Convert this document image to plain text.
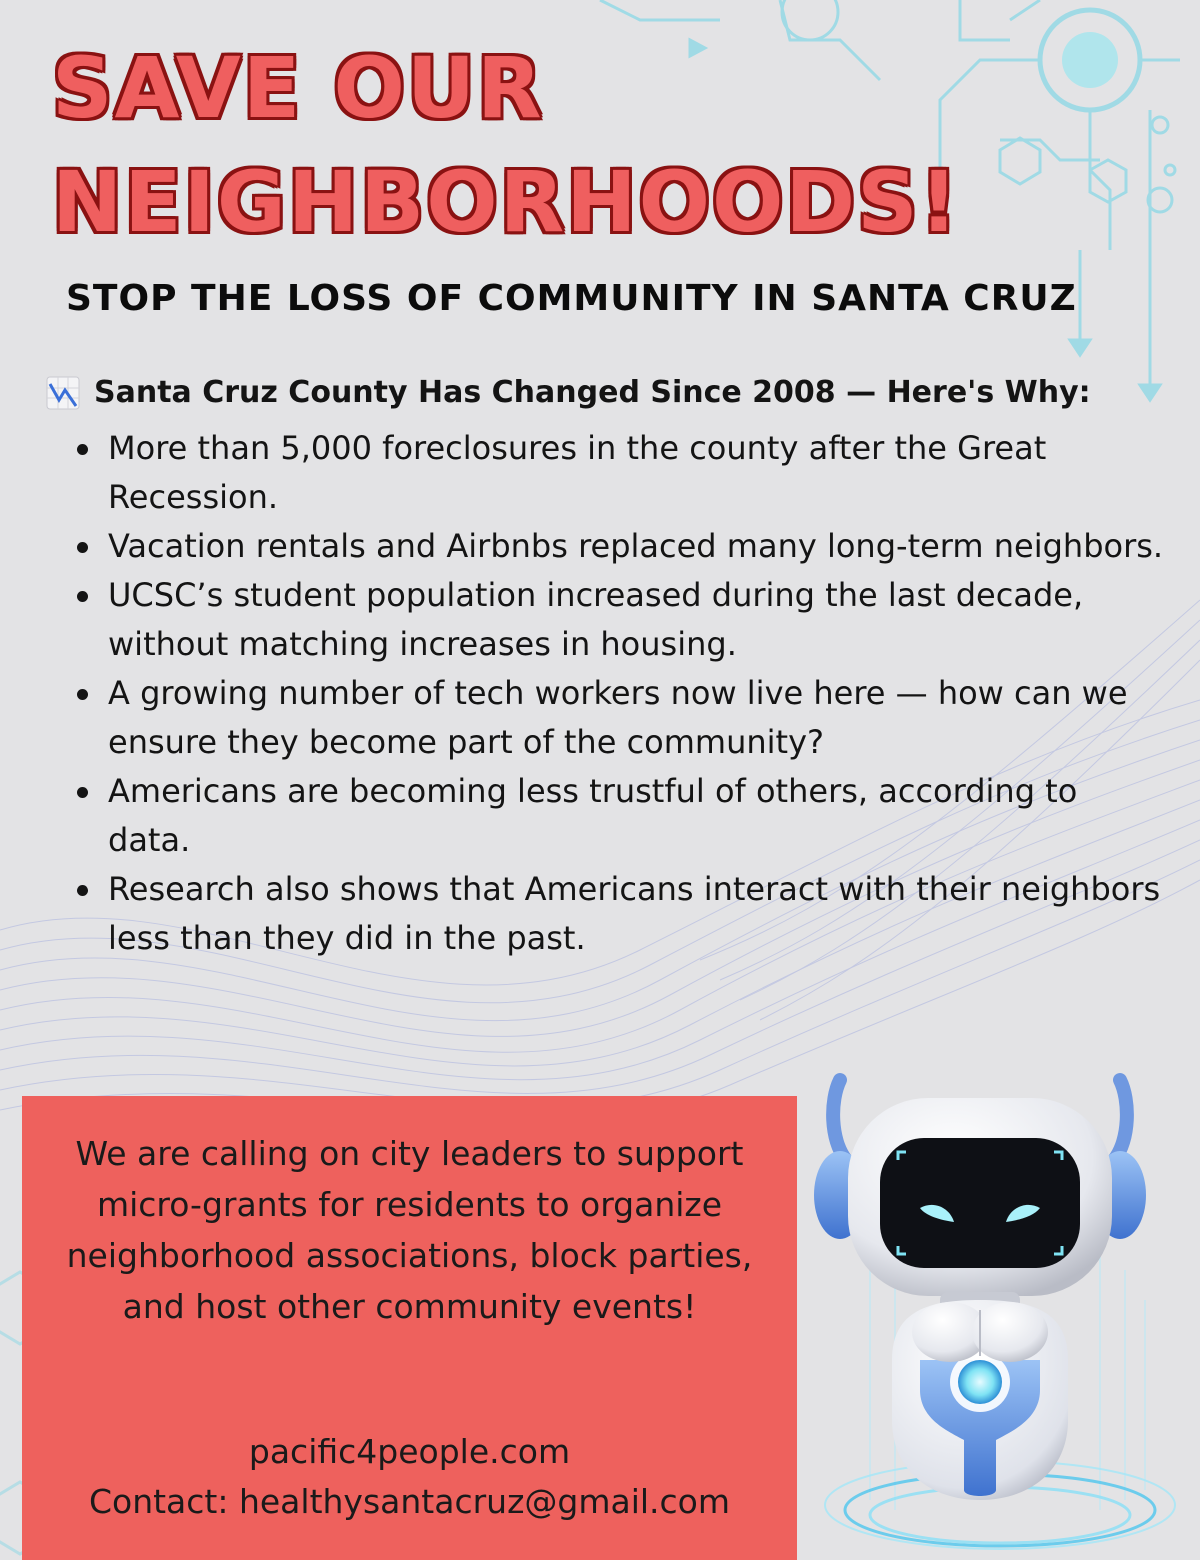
SAVE OUR
NEIGHBORHOODS!
STOP THE LOSS OF COMMUNITY IN SANTA CRUZ
Santa Cruz County Has Changed Since 2008 — Here's Why:
More than 5,000 foreclosures in the county after the Great Recession.
Vacation rentals and Airbnbs replaced many long-term neighbors.
UCSC’s student population increased during the last decade, without matching increases in housing.
A growing number of tech workers now live here — how can we ensure they become part of the community?
Americans are becoming less trustful of others, according to data.
Research also shows that Americans interact with their neighbors less than they did in the past.
We are calling on city leaders to support micro-grants for residents to organize neighborhood associations, block parties, and host other community events!
pacific4people.com
Contact: healthysantacruz@gmail.com
